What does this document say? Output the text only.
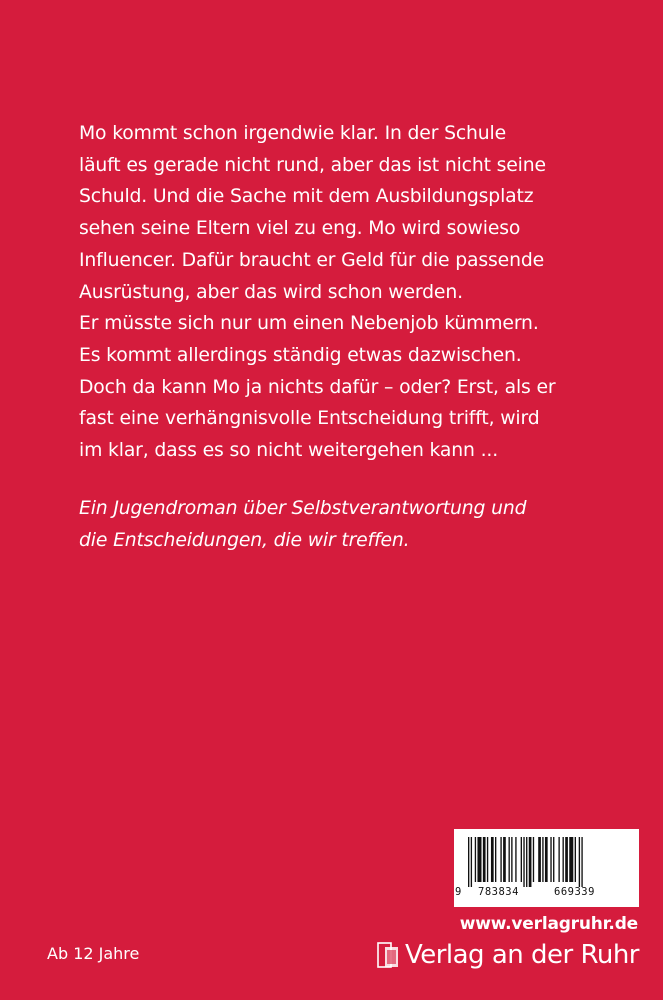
Mo kommt schon irgendwie klar. In der Schule
läuft es gerade nicht rund, aber das ist nicht seine
Schuld. Und die Sache mit dem Ausbildungsplatz
sehen seine Eltern viel zu eng. Mo wird sowieso
Influencer. Dafür braucht er Geld für die passende
Ausrüstung, aber das wird schon werden.
Er müsste sich nur um einen Nebenjob kümmern.
Es kommt allerdings ständig etwas dazwischen.
Doch da kann Mo ja nichts dafür – oder? Erst, als er
fast eine verhängnisvolle Entscheidung trifft, wird
im klar, dass es so nicht weitergehen kann ...

Ein Jugendroman über Selbstverantwortung und
die Entscheidungen, die wir treffen.

9 783834	669339
www.verlagruhr.de
Verlag an der Ruhr
Ab 12 Jahre
